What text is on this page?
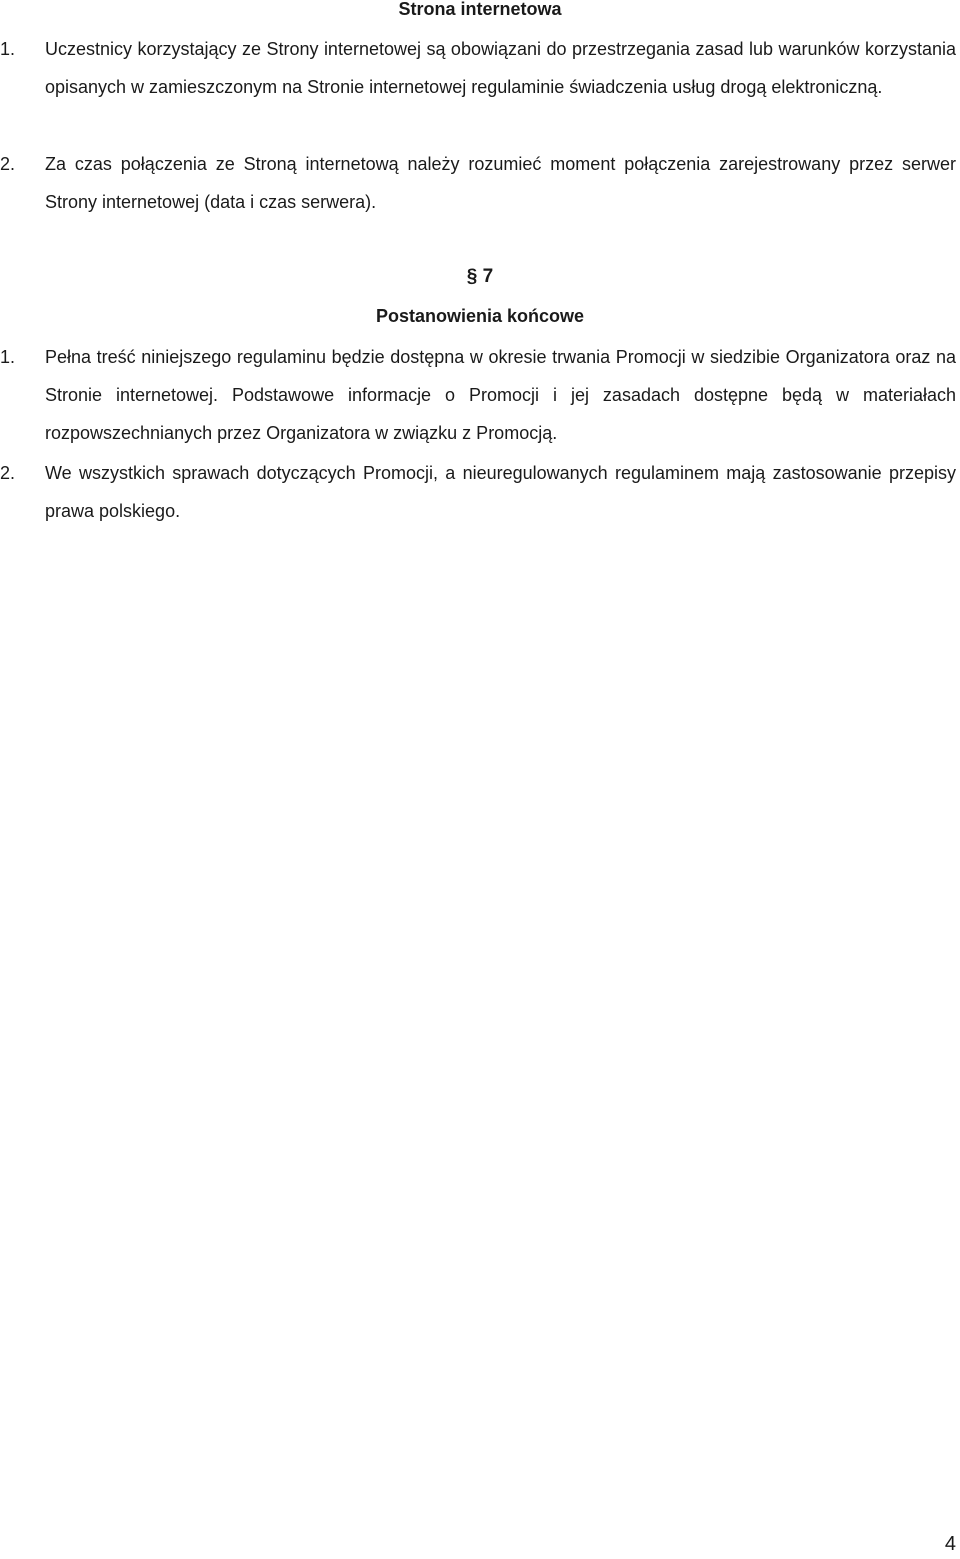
Strona internetowa
1. Uczestnicy korzystający ze Strony internetowej są obowiązani do przestrzegania zasad lub warunków korzystania opisanych w zamieszczonym na Stronie internetowej regulaminie świadczenia usług drogą elektroniczną.
2. Za czas połączenia ze Stroną internetową należy rozumieć moment połączenia zarejestrowany przez serwer Strony internetowej (data i czas serwera).
§ 7
Postanowienia końcowe
1. Pełna treść niniejszego regulaminu będzie dostępna w okresie trwania Promocji w siedzibie Organizatora oraz na Stronie internetowej. Podstawowe informacje o Promocji i jej zasadach dostępne będą w materiałach rozpowszechnianych przez Organizatora w związku z Promocją.
2. We wszystkich sprawach dotyczących Promocji, a nieuregulowanych regulaminem mają zastosowanie przepisy prawa polskiego.
4
